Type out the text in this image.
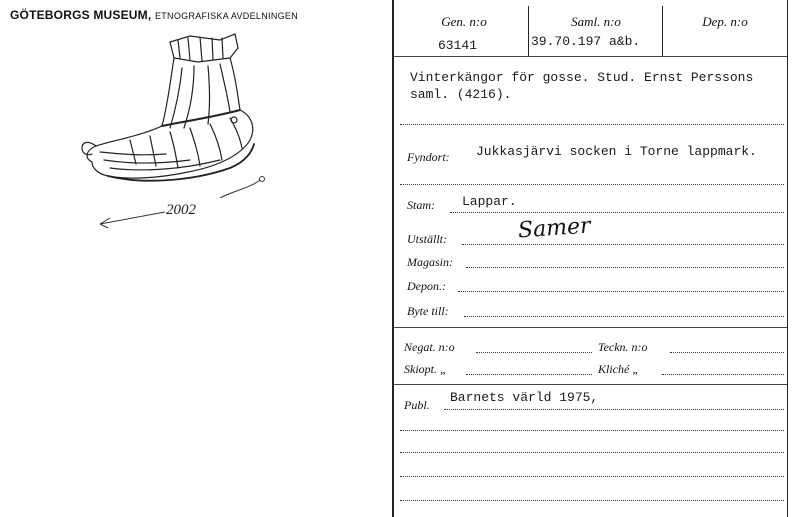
GÖTEBORGS MUSEUM, ETNOGRAFISKA AVDELNINGEN
2002
Gen. n:o
63141
Saml. n:o
39.70.197 a&b.
Dep. n:o
Vinterkängor för gosse. Stud. Ernst Perssons
saml. (4216).
Fyndort: Jukkasjärvi socken i Torne lappmark.
Stam: Lappar.
Utställt:	Samer
Magasin:
Depon.:
Byte till:
Negat. n:o	Teckn. n:o
Skiopt. „	Kliché „
Publ. Barnets värld 1975,
